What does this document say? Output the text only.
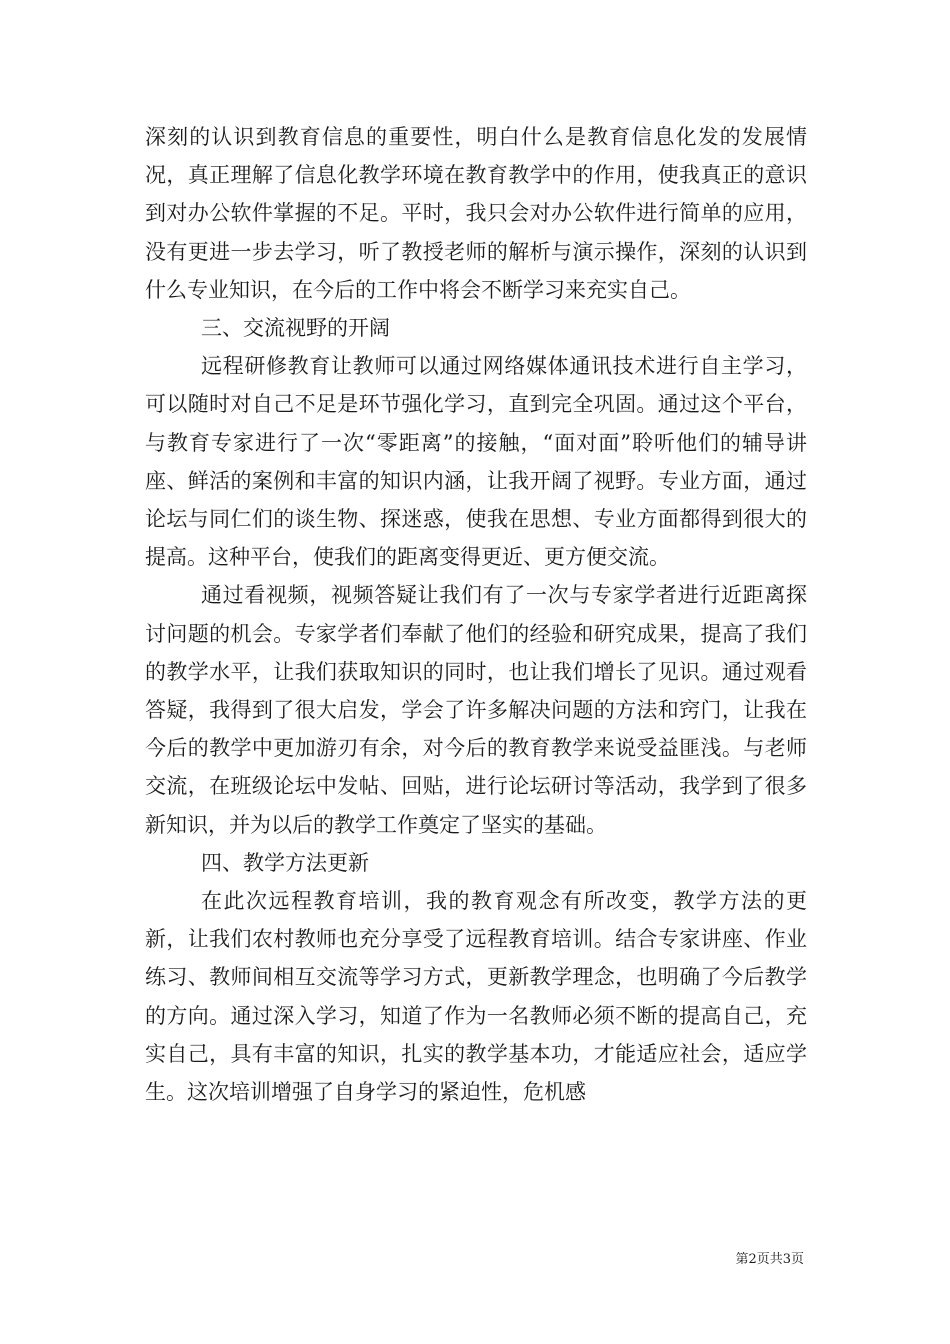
深刻的认识到教育信息的重要性，明白什么是教育信息化发的发展情况，真正理解了信息化教学环境在教育教学中的作用，使我真正的意识到对办公软件掌握的不足。平时，我只会对办公软件进行简单的应用，没有更进一步去学习，听了教授老师的解析与演示操作，深刻的认识到什么专业知识，在今后的工作中将会不断学习来充实自己。

三、交流视野的开阔

远程研修教育让教师可以通过网络媒体通讯技术进行自主学习，可以随时对自己不足是环节强化学习，直到完全巩固。通过这个平台，与教育专家进行了一次“零距离”的接触，“面对面”聆听他们的辅导讲座、鲜活的案例和丰富的知识内涵，让我开阔了视野。专业方面，通过论坛与同仁们的谈生物、探迷惑，使我在思想、专业方面都得到很大的提高。这种平台，使我们的距离变得更近、更方便交流。

通过看视频，视频答疑让我们有了一次与专家学者进行近距离探讨问题的机会。专家学者们奉献了他们的经验和研究成果，提高了我们的教学水平，让我们获取知识的同时，也让我们增长了见识。通过观看答疑，我得到了很大启发，学会了许多解决问题的方法和窍门，让我在今后的教学中更加游刃有余，对今后的教育教学来说受益匪浅。与老师交流，在班级论坛中发帖、回贴，进行论坛研讨等活动，我学到了很多新知识，并为以后的教学工作奠定了坚实的基础。

四、教学方法更新

在此次远程教育培训，我的教育观念有所改变，教学方法的更新，让我们农村教师也充分享受了远程教育培训。结合专家讲座、作业练习、教师间相互交流等学习方式，更新教学理念，也明确了今后教学的方向。通过深入学习，知道了作为一名教师必须不断的提高自己，充实自己，具有丰富的知识，扎实的教学基本功，才能适应社会，适应学生。这次培训增强了自身学习的紧迫性，危机感

第2页共3页
